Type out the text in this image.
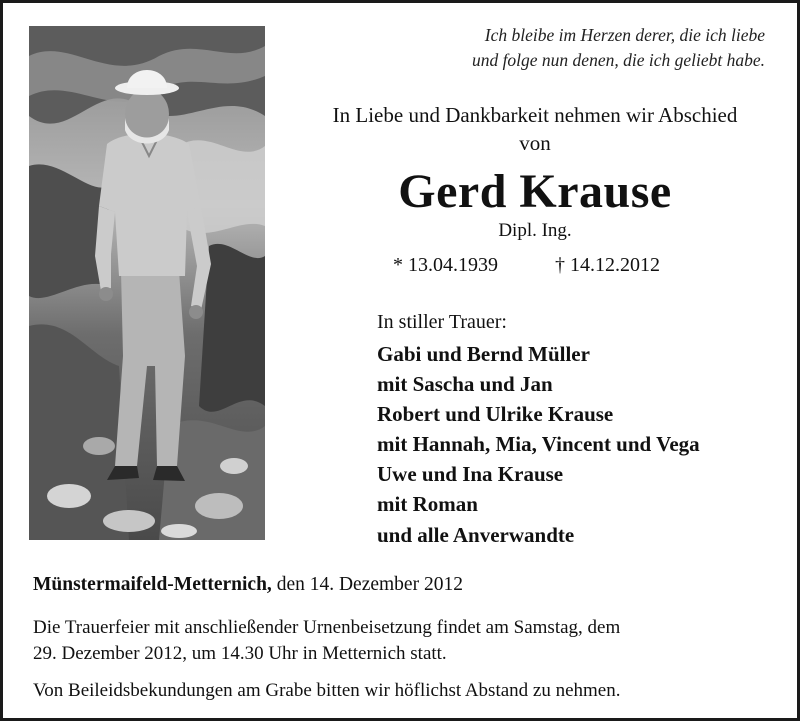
Ich bleibe im Herzen derer, die ich liebe
und folge nun denen, die ich geliebt habe.
In Liebe und Dankbarkeit nehmen wir Abschied
von
Gerd Krause
Dipl. Ing.
* 13.04.1939	† 14.12.2012
In stiller Trauer:
Gabi und Bernd Müller
mit Sascha und Jan
Robert und Ulrike Krause
mit Hannah, Mia, Vincent und Vega
Uwe und Ina Krause
mit Roman
und alle Anverwandte
Münstermaifeld-Metternich, den 14. Dezember 2012
Die Trauerfeier mit anschließender Urnenbeisetzung findet am Samstag, dem
29. Dezember 2012, um 14.30 Uhr in Metternich statt.
Von Beileidsbekundungen am Grabe bitten wir höflichst Abstand zu nehmen.
